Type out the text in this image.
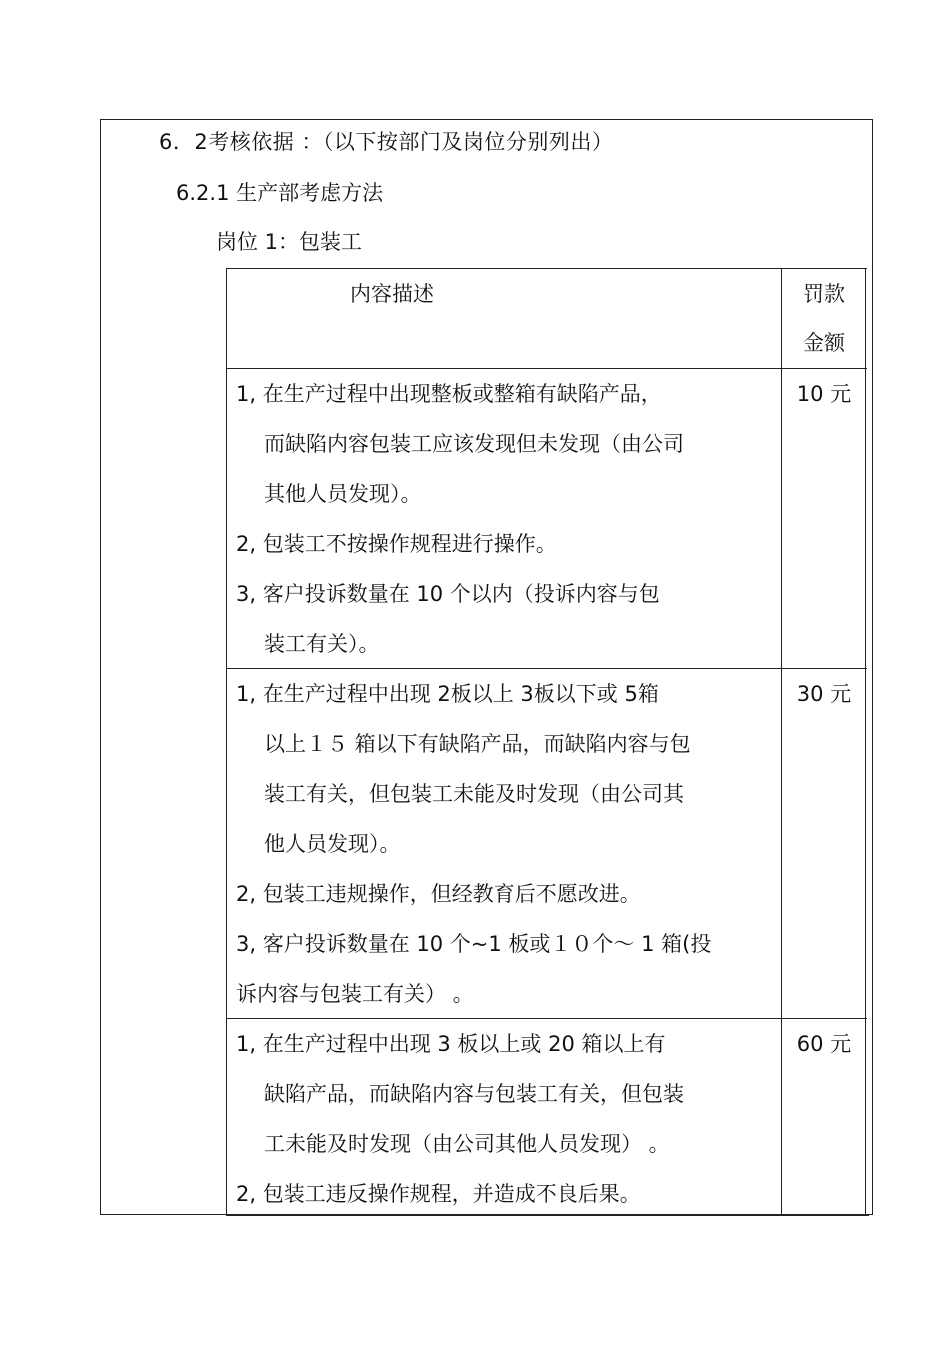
6．2考核依据 ：（以下按部门及岗位分别列出）
6.2.1 生产部考虑方法
岗位 1：包装工
内容描述	罚款
金额
1, 在生产过程中出现整板或整箱有缺陷产品，
而缺陷内容包装工应该发现但未发现（由公司
其他人员发现）。
2, 包装工不按操作规程进行操作。
3, 客户投诉数量在 10 个以内（投诉内容与包
装工有关）。
10 元
1, 在生产过程中出现 2板以上 3板以下或 5箱
以上１５ 箱以下有缺陷产品，而缺陷内容与包
装工有关，但包装工未能及时发现（由公司其
他人员发现）。
2, 包装工违规操作，但经教育后不愿改进。
3, 客户投诉数量在 10 个~1 板或１０个～ 1 箱(投
诉内容与包装工有关） 。
30 元
1, 在生产过程中出现 3 板以上或 20 箱以上有
缺陷产品，而缺陷内容与包装工有关，但包装
工未能及时发现（由公司其他人员发现） 。
2, 包装工违反操作规程，并造成不良后果。
60 元
